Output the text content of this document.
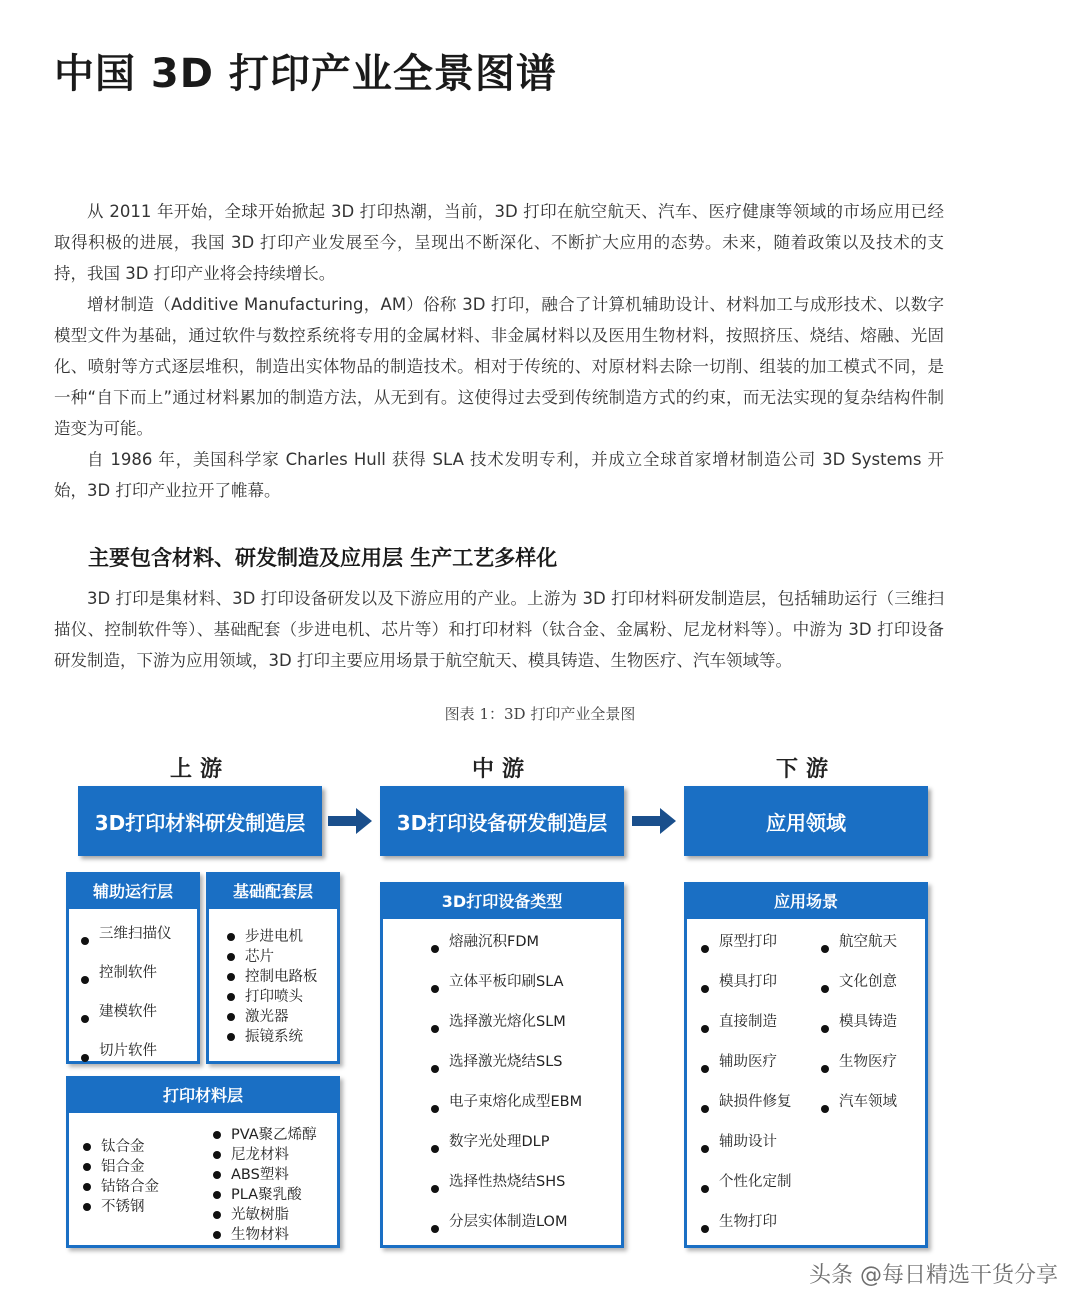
中国 3D 打印产业全景图谱

从 2011 年开始，全球开始掀起 3D 打印热潮，当前，3D 打印在航空航天、汽车、医疗健康等领域的市场应用已经取得积极的进展，我国 3D 打印产业发展至今，呈现出不断深化、不断扩大应用的态势。未来，随着政策以及技术的支持，我国 3D 打印产业将会持续增长。

增材制造（Additive Manufacturing，AM）俗称 3D 打印，融合了计算机辅助设计、材料加工与成形技术、以数字模型文件为基础，通过软件与数控系统将专用的金属材料、非金属材料以及医用生物材料，按照挤压、烧结、熔融、光固化、喷射等方式逐层堆积，制造出实体物品的制造技术。相对于传统的、对原材料去除一切削、组装的加工模式不同，是一种“自下而上”通过材料累加的制造方法，从无到有。这使得过去受到传统制造方式的约束，而无法实现的复杂结构件制造变为可能。

自 1986 年，美国科学家 Charles Hull 获得 SLA 技术发明专利，并成立全球首家增材制造公司 3D Systems 开始，3D 打印产业拉开了帷幕。

主要包含材料、研发制造及应用层 生产工艺多样化

3D 打印是集材料、3D 打印设备研发以及下游应用的产业。上游为 3D 打印材料研发制造层，包括辅助运行（三维扫描仪、控制软件等）、基础配套（步进电机、芯片等）和打印材料（钛合金、金属粉、尼龙材料等）。中游为 3D 打印设备研发制造，下游为应用领域，3D 打印主要应用场景于航空航天、模具铸造、生物医疗、汽车领域等。

图表 1：3D 打印产业全景图
上游	中游	下游
3D打印材料研发制造层	3D打印设备研发制造层	应用领域
辅助运行层
三维扫描仪
控制软件
建模软件
切片软件
基础配套层
步进电机
芯片
控制电路板
打印喷头
激光器
振镜系统
打印材料层
钛合金
铝合金
钴铬合金
不锈钢
PVA聚乙烯醇
尼龙材料
ABS塑料
PLA聚乳酸
光敏树脂
生物材料
3D打印设备类型
熔融沉积FDM
立体平板印刷SLA
选择激光熔化SLM
选择激光烧结SLS
电子束熔化成型EBM
数字光处理DLP
选择性热烧结SHS
分层实体制造LOM
应用场景
原型打印
模具打印
直接制造
辅助医疗
缺损件修复
辅助设计
个性化定制
生物打印
航空航天
文化创意
模具铸造
生物医疗
汽车领域
头条 @每日精选干货分享
